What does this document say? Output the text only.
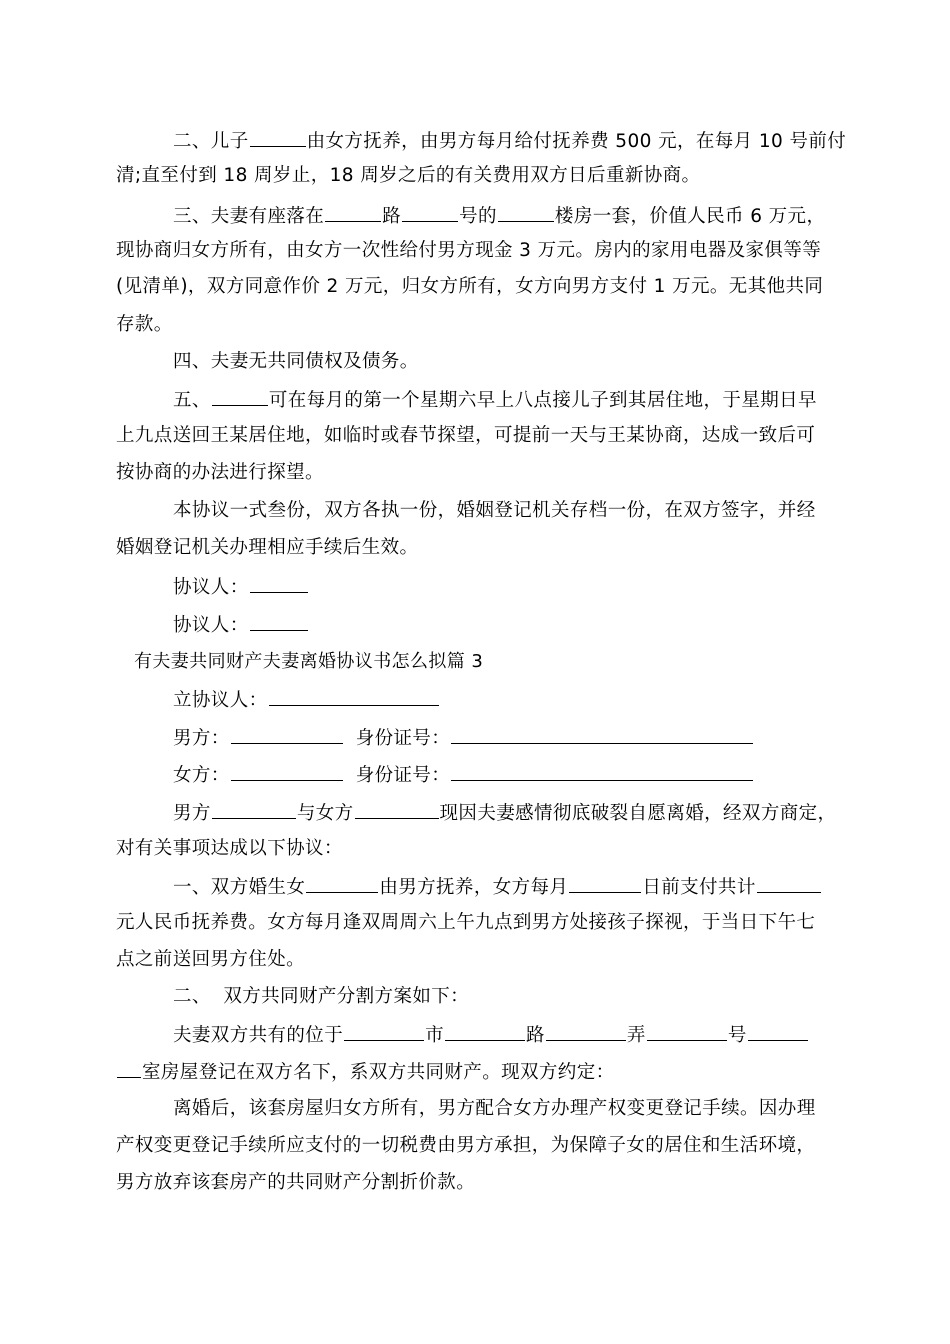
二、儿子	由女方抚养，由男方每月给付抚养费 500 元，在每月 10 号前付
清;直至付到 18 周岁止，18 周岁之后的有关费用双方日后重新协商。
三、夫妻有座落在	路	号的	楼房一套，价值人民币 6 万元，
现协商归女方所有，由女方一次性给付男方现金 3 万元。房内的家用电器及家俱等等
(见清单)，双方同意作价 2 万元，归女方所有，女方向男方支付 1 万元。无其他共同
存款。
四、夫妻无共同债权及债务。
五、	可在每月的第一个星期六早上八点接儿子到其居住地，于星期日早
上九点送回王某居住地，如临时或春节探望，可提前一天与王某协商，达成一致后可
按协商的办法进行探望。
本协议一式叁份，双方各执一份，婚姻登记机关存档一份，在双方签字，并经
婚姻登记机关办理相应手续后生效。
协议人：
协议人：
有夫妻共同财产夫妻离婚协议书怎么拟篇 3
立协议人：
男方：	身份证号：
女方：	身份证号：
男方	与女方	现因夫妻感情彻底破裂自愿离婚，经双方商定，
对有关事项达成以下协议：
一、双方婚生女	由男方抚养，女方每月	日前支付共计
元人民币抚养费。女方每月逢双周周六上午九点到男方处接孩子探视，于当日下午七
点之前送回男方住处。
二、  双方共同财产分割方案如下：
夫妻双方共有的位于	市	路	弄	号
室房屋登记在双方名下，系双方共同财产。现双方约定：
离婚后，该套房屋归女方所有，男方配合女方办理产权变更登记手续。因办理
产权变更登记手续所应支付的一切税费由男方承担，为保障子女的居住和生活环境，
男方放弃该套房产的共同财产分割折价款。
